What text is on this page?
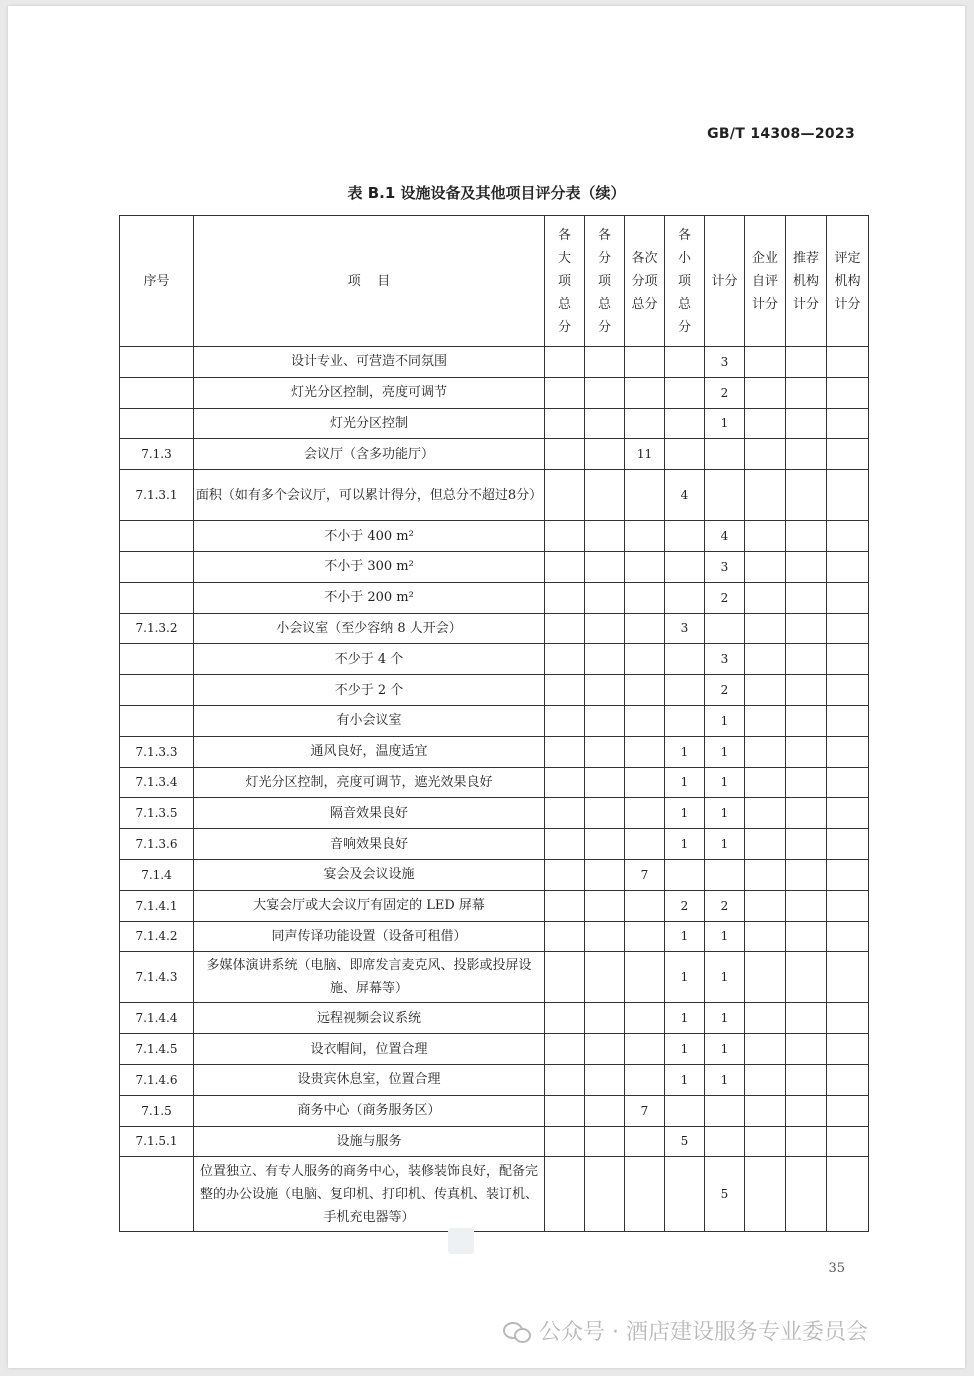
GB/T 14308—2023
表 B.1 设施设备及其他项目评分表（续）
序号	项    目	各大项总分	各分项总分	各次分项总分	各小项总分	计分	企业自评计分	推荐机构计分	评定机构计分
	设计专业、可营造不同氛围					3			
	灯光分区控制，亮度可调节					2			
	灯光分区控制					1			
7.1.3	会议厅（含多功能厅）			11					
7.1.3.1	面积（如有多个会议厅，可以累计得分，但总分不超过8分）				4				
	不小于 400 m²					4			
	不小于 300 m²					3			
	不小于 200 m²					2			
7.1.3.2	小会议室（至少容纳 8 人开会）				3				
	不少于 4 个					3			
	不少于 2 个					2			
	有小会议室					1			
7.1.3.3	通风良好，温度适宜				1	1			
7.1.3.4	灯光分区控制，亮度可调节，遮光效果良好				1	1			
7.1.3.5	隔音效果良好				1	1			
7.1.3.6	音响效果良好				1	1			
7.1.4	宴会及会议设施			7					
7.1.4.1	大宴会厅或大会议厅有固定的 LED 屏幕				2	2			
7.1.4.2	同声传译功能设置（设备可租借）				1	1			
7.1.4.3	多媒体演讲系统（电脑、即席发言麦克风、投影或投屏设施、屏幕等）				1	1			
7.1.4.4	远程视频会议系统				1	1			
7.1.4.5	设衣帽间，位置合理				1	1			
7.1.4.6	设贵宾休息室，位置合理				1	1			
7.1.5	商务中心（商务服务区）			7					
7.1.5.1	设施与服务				5				
	位置独立、有专人服务的商务中心，装修装饰良好，配备完整的办公设施（电脑、复印机、打印机、传真机、装订机、手机充电器等）					5			
35
公众号 · 酒店建设服务专业委员会
